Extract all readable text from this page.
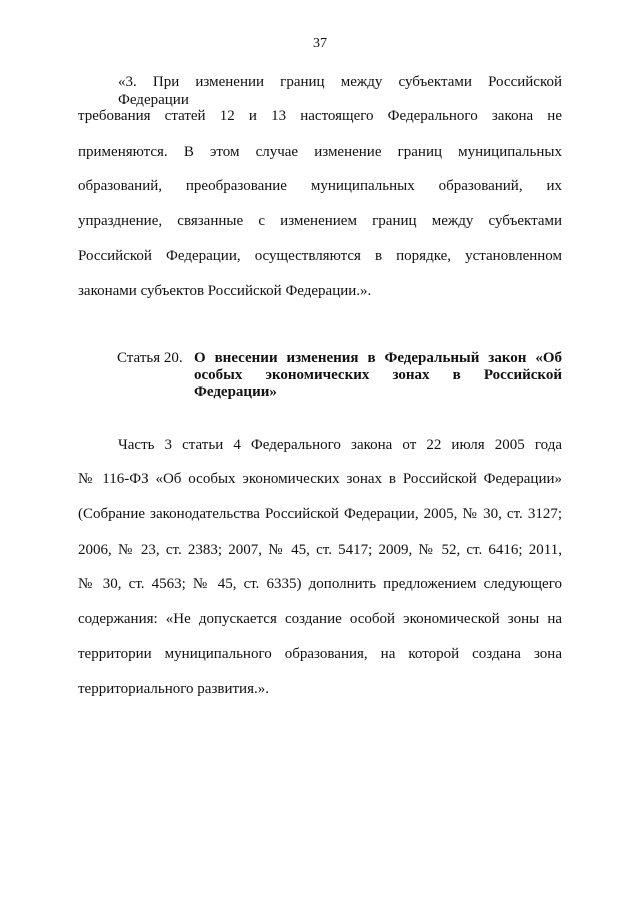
37
«3. При изменении границ между субъектами Российской Федерации
требования статей 12 и 13 настоящего Федерального закона не
применяются. В этом случае изменение границ муниципальных
образований, преобразование муниципальных образований, их
упразднение, связанные с изменением границ между субъектами
Российской Федерации, осуществляются в порядке, установленном
законами субъектов Российской Федерации.».
Статья 20. О внесении изменения в Федеральный закон «Об
особых экономических зонах в Российской
Федерации»
Часть 3 статьи 4 Федерального закона от 22 июля 2005 года
№ 116-ФЗ «Об особых экономических зонах в Российской Федерации»
(Собрание законодательства Российской Федерации, 2005, № 30, ст. 3127;
2006, № 23, ст. 2383; 2007, № 45, ст. 5417; 2009, № 52, ст. 6416; 2011,
№ 30, ст. 4563; № 45, ст. 6335) дополнить предложением следующего
содержания: «Не допускается создание особой экономической зоны на
территории муниципального образования, на которой создана зона
территориального развития.».
